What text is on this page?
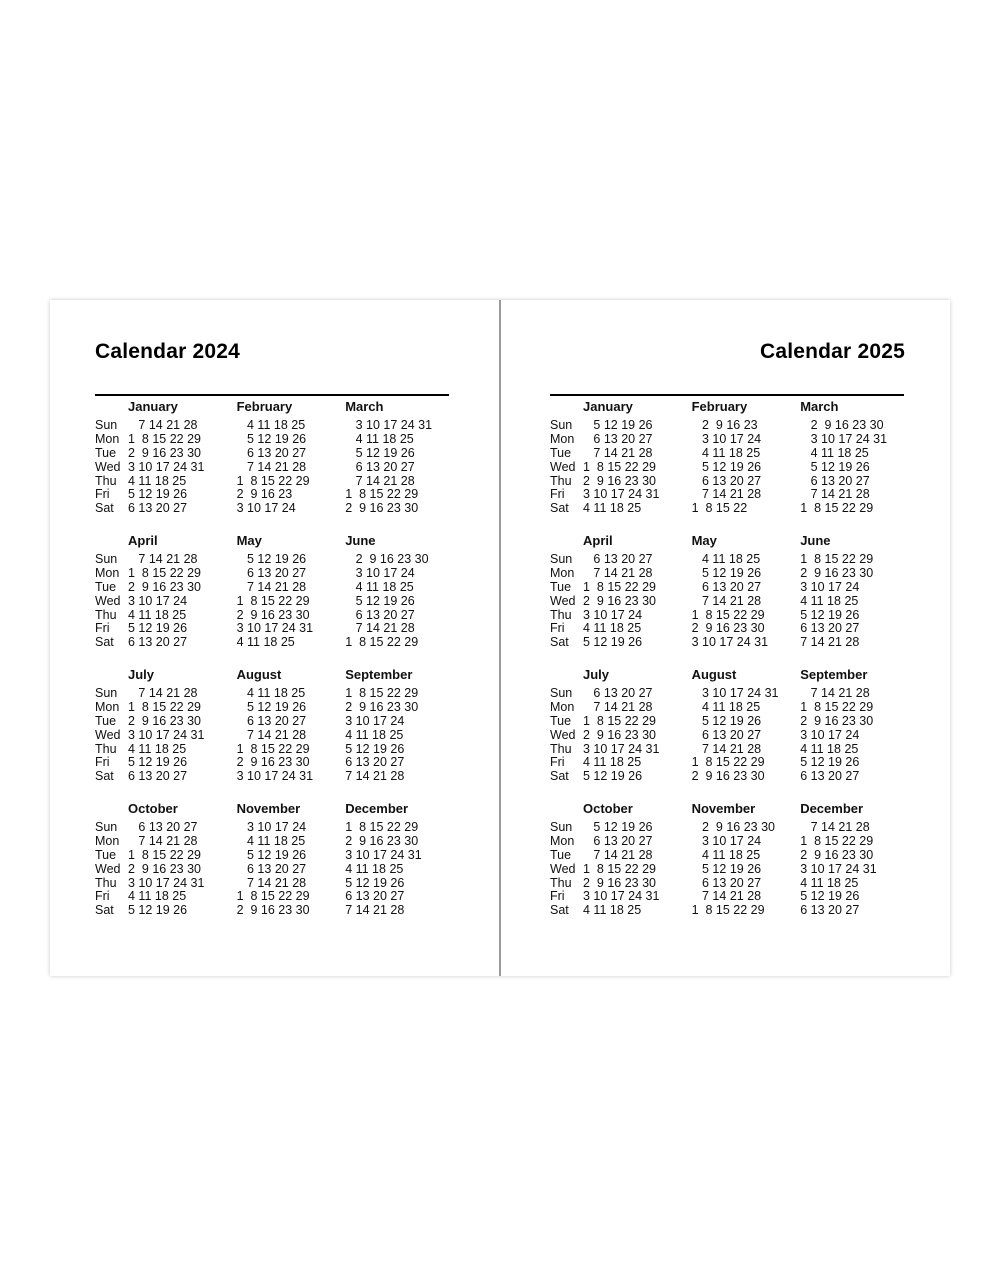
Calendar 2024
Sun
Mon
Tue
Wed
Thu
Fri
Sat
January
7 14 21 28
1  8 15 22 29
2  9 16 23 30
3 10 17 24 31
4 11 18 25
5 12 19 26
6 13 20 27
February
4 11 18 25
5 12 19 26
6 13 20 27
7 14 21 28
1  8 15 22 29
2  9 16 23
3 10 17 24
March
3 10 17 24 31
4 11 18 25
5 12 19 26
6 13 20 27
7 14 21 28
1  8 15 22 29
2  9 16 23 30
Sun
Mon
Tue
Wed
Thu
Fri
Sat
April
7 14 21 28
1  8 15 22 29
2  9 16 23 30
3 10 17 24
4 11 18 25
5 12 19 26
6 13 20 27
May
5 12 19 26
6 13 20 27
7 14 21 28
1  8 15 22 29
2  9 16 23 30
3 10 17 24 31
4 11 18 25
June
2  9 16 23 30
3 10 17 24
4 11 18 25
5 12 19 26
6 13 20 27
7 14 21 28
1  8 15 22 29
Sun
Mon
Tue
Wed
Thu
Fri
Sat
July
7 14 21 28
1  8 15 22 29
2  9 16 23 30
3 10 17 24 31
4 11 18 25
5 12 19 26
6 13 20 27
August
4 11 18 25
5 12 19 26
6 13 20 27
7 14 21 28
1  8 15 22 29
2  9 16 23 30
3 10 17 24 31
September
1  8 15 22 29
2  9 16 23 30
3 10 17 24
4 11 18 25
5 12 19 26
6 13 20 27
7 14 21 28
Sun
Mon
Tue
Wed
Thu
Fri
Sat
October
6 13 20 27
7 14 21 28
1  8 15 22 29
2  9 16 23 30
3 10 17 24 31
4 11 18 25
5 12 19 26
November
3 10 17 24
4 11 18 25
5 12 19 26
6 13 20 27
7 14 21 28
1  8 15 22 29
2  9 16 23 30
December
1  8 15 22 29
2  9 16 23 30
3 10 17 24 31
4 11 18 25
5 12 19 26
6 13 20 27
7 14 21 28
Calendar 2025
Sun
Mon
Tue
Wed
Thu
Fri
Sat
January
5 12 19 26
6 13 20 27
7 14 21 28
1  8 15 22 29
2  9 16 23 30
3 10 17 24 31
4 11 18 25
February
2  9 16 23
3 10 17 24
4 11 18 25
5 12 19 26
6 13 20 27
7 14 21 28
1  8 15 22
March
2  9 16 23 30
3 10 17 24 31
4 11 18 25
5 12 19 26
6 13 20 27
7 14 21 28
1  8 15 22 29
Sun
Mon
Tue
Wed
Thu
Fri
Sat
April
6 13 20 27
7 14 21 28
1  8 15 22 29
2  9 16 23 30
3 10 17 24
4 11 18 25
5 12 19 26
May
4 11 18 25
5 12 19 26
6 13 20 27
7 14 21 28
1  8 15 22 29
2  9 16 23 30
3 10 17 24 31
June
1  8 15 22 29
2  9 16 23 30
3 10 17 24
4 11 18 25
5 12 19 26
6 13 20 27
7 14 21 28
Sun
Mon
Tue
Wed
Thu
Fri
Sat
July
6 13 20 27
7 14 21 28
1  8 15 22 29
2  9 16 23 30
3 10 17 24 31
4 11 18 25
5 12 19 26
August
3 10 17 24 31
4 11 18 25
5 12 19 26
6 13 20 27
7 14 21 28
1  8 15 22 29
2  9 16 23 30
September
7 14 21 28
1  8 15 22 29
2  9 16 23 30
3 10 17 24
4 11 18 25
5 12 19 26
6 13 20 27
Sun
Mon
Tue
Wed
Thu
Fri
Sat
October
5 12 19 26
6 13 20 27
7 14 21 28
1  8 15 22 29
2  9 16 23 30
3 10 17 24 31
4 11 18 25
November
2  9 16 23 30
3 10 17 24
4 11 18 25
5 12 19 26
6 13 20 27
7 14 21 28
1  8 15 22 29
December
7 14 21 28
1  8 15 22 29
2  9 16 23 30
3 10 17 24 31
4 11 18 25
5 12 19 26
6 13 20 27
